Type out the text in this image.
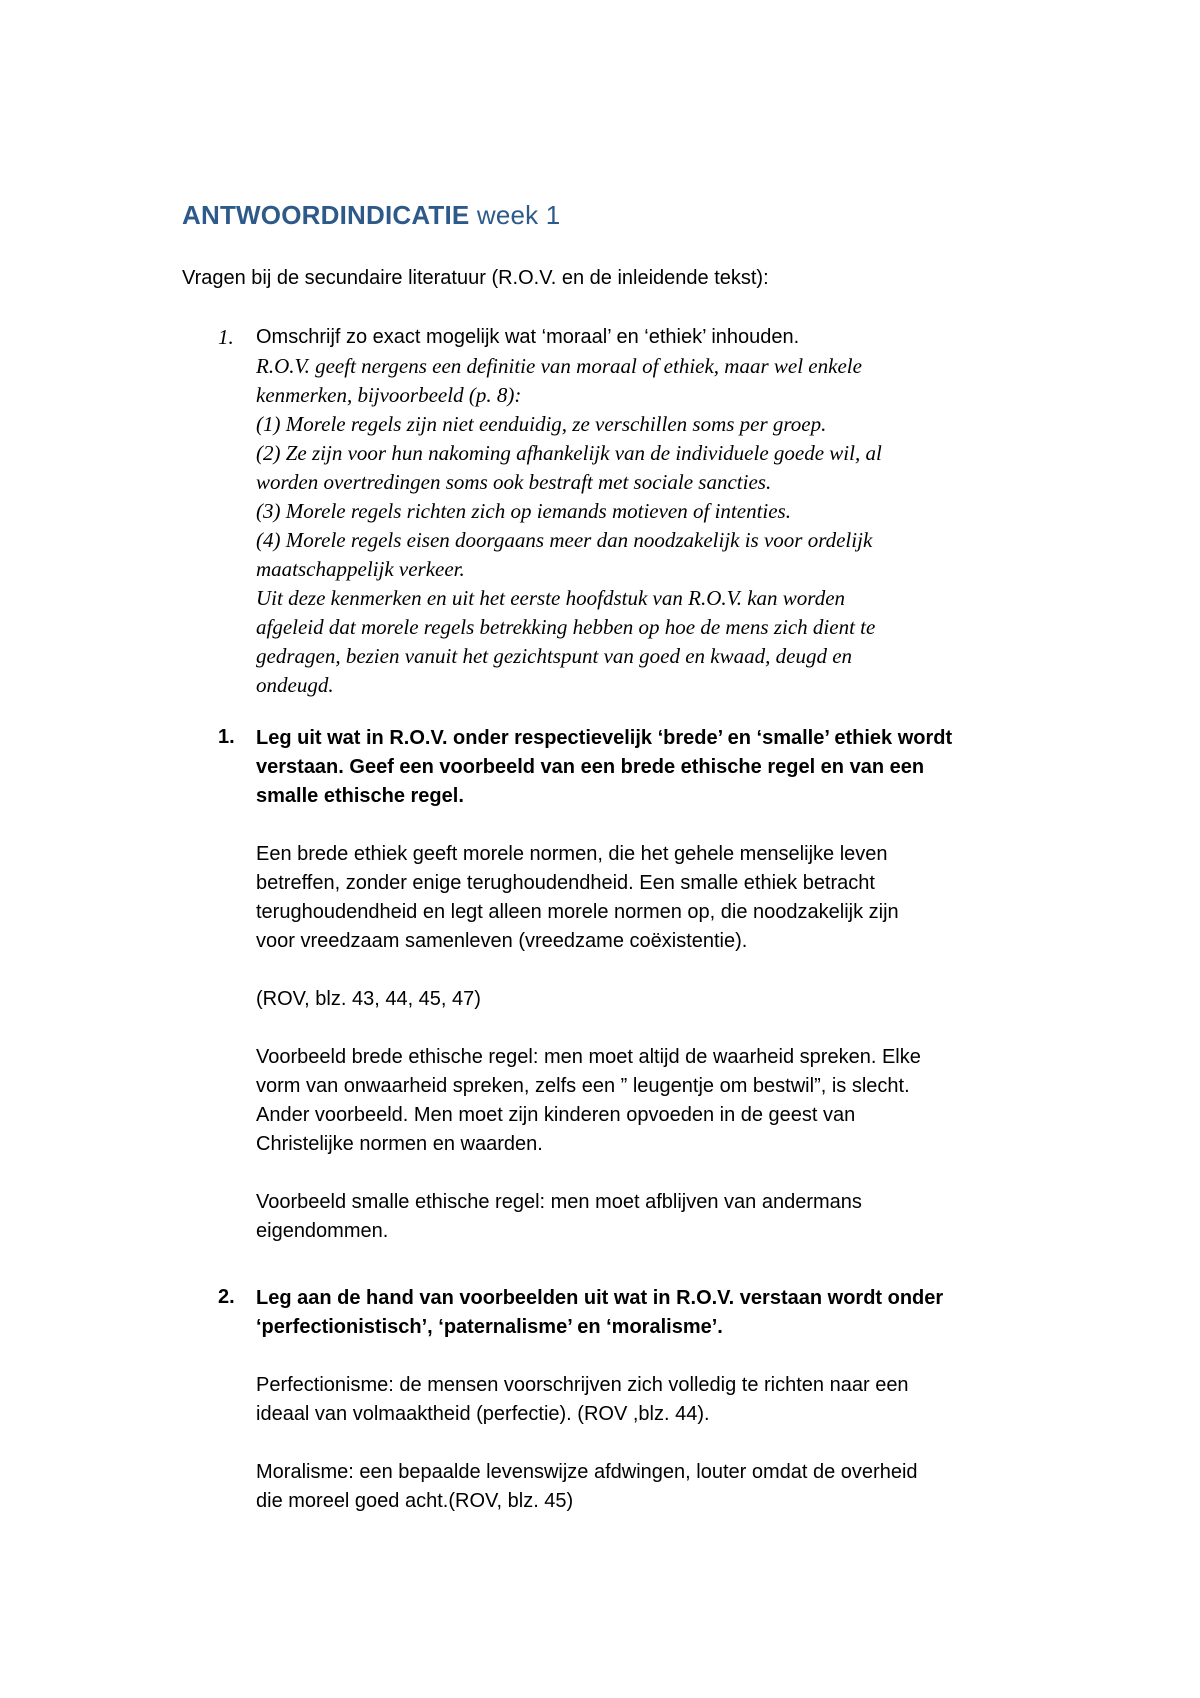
ANTWOORDINDICATIE week 1

Vragen bij de secundaire literatuur (R.O.V. en de inleidende tekst):

1.	Omschrijf zo exact mogelijk wat ‘moraal’ en ‘ethiek’ inhouden.

R.O.V. geeft nergens een definitie van moraal of ethiek, maar wel enkele

kenmerken, bijvoorbeeld (p. 8):

(1) Morele regels zijn niet eenduidig, ze verschillen soms per groep.

(2) Ze zijn voor hun nakoming afhankelijk van de individuele goede wil, al

worden overtredingen soms ook bestraft met sociale sancties.

(3) Morele regels richten zich op iemands motieven of intenties.

(4) Morele regels eisen doorgaans meer dan noodzakelijk is voor ordelijk

maatschappelijk verkeer.

Uit deze kenmerken en uit het eerste hoofdstuk van R.O.V. kan worden

afgeleid dat morele regels betrekking hebben op hoe de mens zich dient te

gedragen, bezien vanuit het gezichtspunt van goed en kwaad, deugd en

ondeugd.

1.	Leg uit wat in R.O.V. onder respectievelijk ‘brede’ en ‘smalle’ ethiek wordt

verstaan. Geef een voorbeeld van een brede ethische regel en van een

smalle ethische regel.

Een brede ethiek geeft morele normen, die het gehele menselijke leven

betreffen, zonder enige terughoudendheid. Een smalle ethiek betracht

terughoudendheid en legt alleen morele normen op, die noodzakelijk zijn

voor vreedzaam samenleven (vreedzame coëxistentie).

(ROV, blz. 43, 44, 45, 47)

Voorbeeld brede ethische regel: men moet altijd de waarheid spreken. Elke

vorm van onwaarheid spreken, zelfs een ” leugentje om bestwil”, is slecht.

Ander voorbeeld. Men moet zijn kinderen opvoeden in de geest van

Christelijke normen en waarden.

Voorbeeld smalle ethische regel: men moet afblijven van andermans

eigendommen.

2.	Leg aan de hand van voorbeelden uit wat in R.O.V. verstaan wordt onder

‘perfectionistisch’, ‘paternalisme’ en ‘moralisme’.

Perfectionisme: de mensen voorschrijven zich volledig te richten naar een

ideaal van volmaaktheid (perfectie). (ROV ,blz. 44).

Moralisme: een bepaalde levenswijze afdwingen, louter omdat de overheid

die moreel goed acht.(ROV, blz. 45)
